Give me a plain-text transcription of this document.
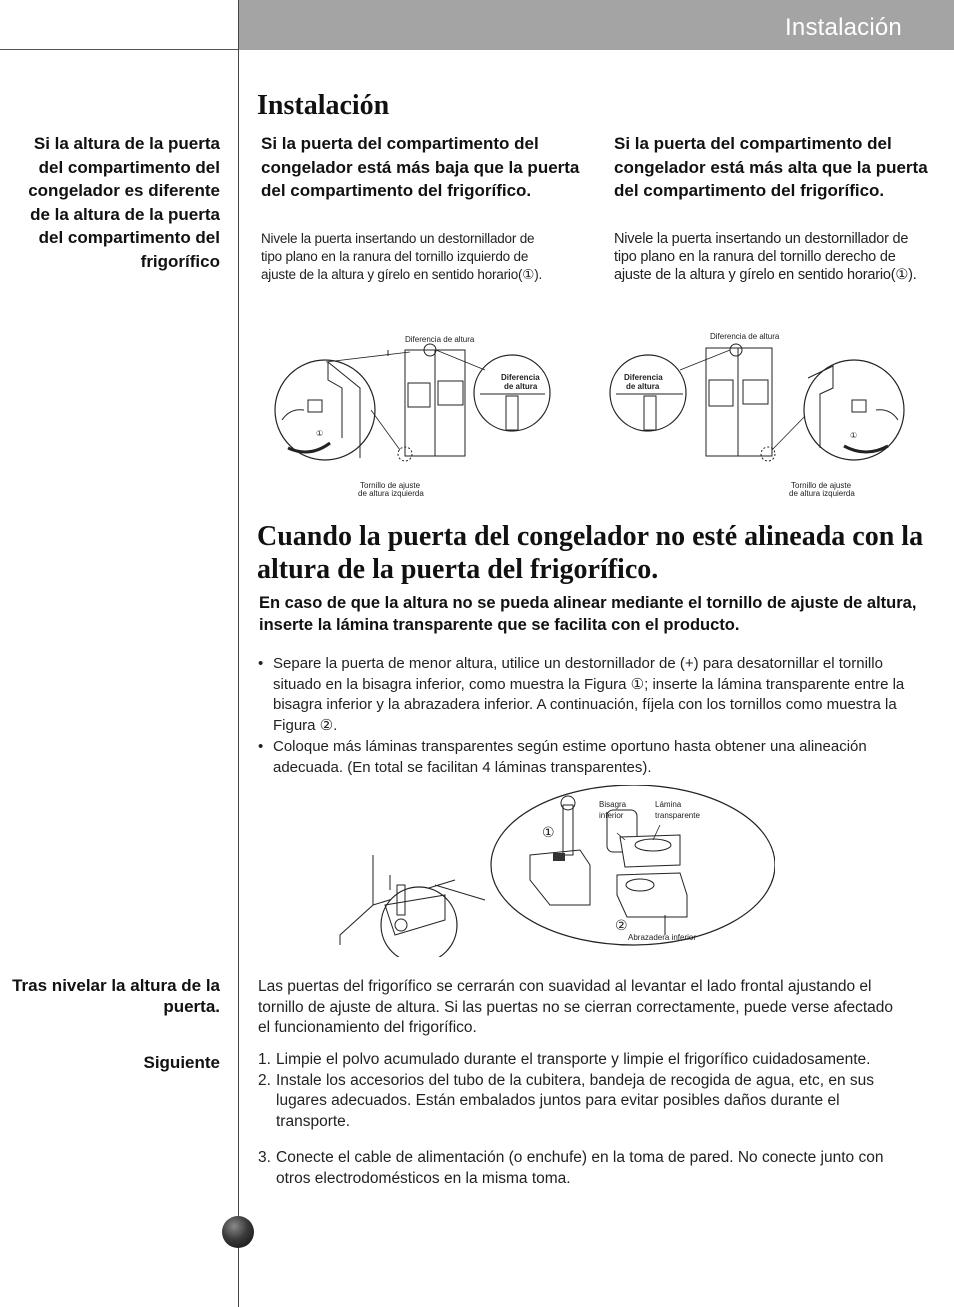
Instalación
Si la altura de la puerta del compartimento del congelador es diferente de la altura de la puerta del compartimento del frigorífico
Tras nivelar la altura de la puerta.
Siguiente
Instalación
Si la puerta del compartimento del congelador está más baja que la puerta del compartimento del frigorífico.
Nivele la puerta insertando un destornillador de tipo plano en la ranura del tornillo izquierdo de ajuste de la altura y gírelo en sentido horario(①).
Si la puerta del compartimento del congelador está más alta que la puerta del compartimento del frigorífico.
Nivele la puerta insertando un destornillador de tipo plano en la ranura del tornillo derecho de ajuste de la altura y gírelo en sentido horario(①).
①
Diferencia de altura
Diferencia
de altura
Tornillo de ajuste
de altura izquierda
①
Diferencia de altura
Diferencia
de altura
Tornillo de ajuste
de altura izquierda
Cuando la puerta del congelador no esté alineada con la altura de la puerta del frigorífico.
En caso de que la altura no se pueda alinear mediante el tornillo de ajuste de altura, inserte la lámina transparente que se facilita con el producto.
• Separe la puerta de menor altura, utilice un destornillador de (+) para desatornillar el tornillo situado en la bisagra inferior, como muestra la Figura ①; inserte la lámina transparente entre la bisagra inferior y la abrazadera inferior. A continuación, fíjela con los tornillos como muestra la Figura ②.
• Coloque más láminas transparentes según estime oportuno hasta obtener una alineación adecuada. (En total se facilitan 4 láminas transparentes).
Bisagra
inferior
Lámina
transparente
Abrazadera inferior
①
②
Las puertas del frigorífico se cerrarán con suavidad al levantar el lado frontal ajustando el tornillo de ajuste de altura. Si las puertas no se cierran correctamente, puede verse afectado el funcionamiento del frigorífico.
1. Limpie el polvo acumulado durante el transporte y limpie el frigorífico cuidadosamente.
2. Instale los accesorios del tubo de la cubitera, bandeja de recogida de agua, etc, en sus lugares adecuados. Están embalados juntos para evitar posibles daños durante el transporte.
3. Conecte el cable de alimentación (o enchufe) en la toma de pared. No conecte junto con otros electrodomésticos en la misma toma.
